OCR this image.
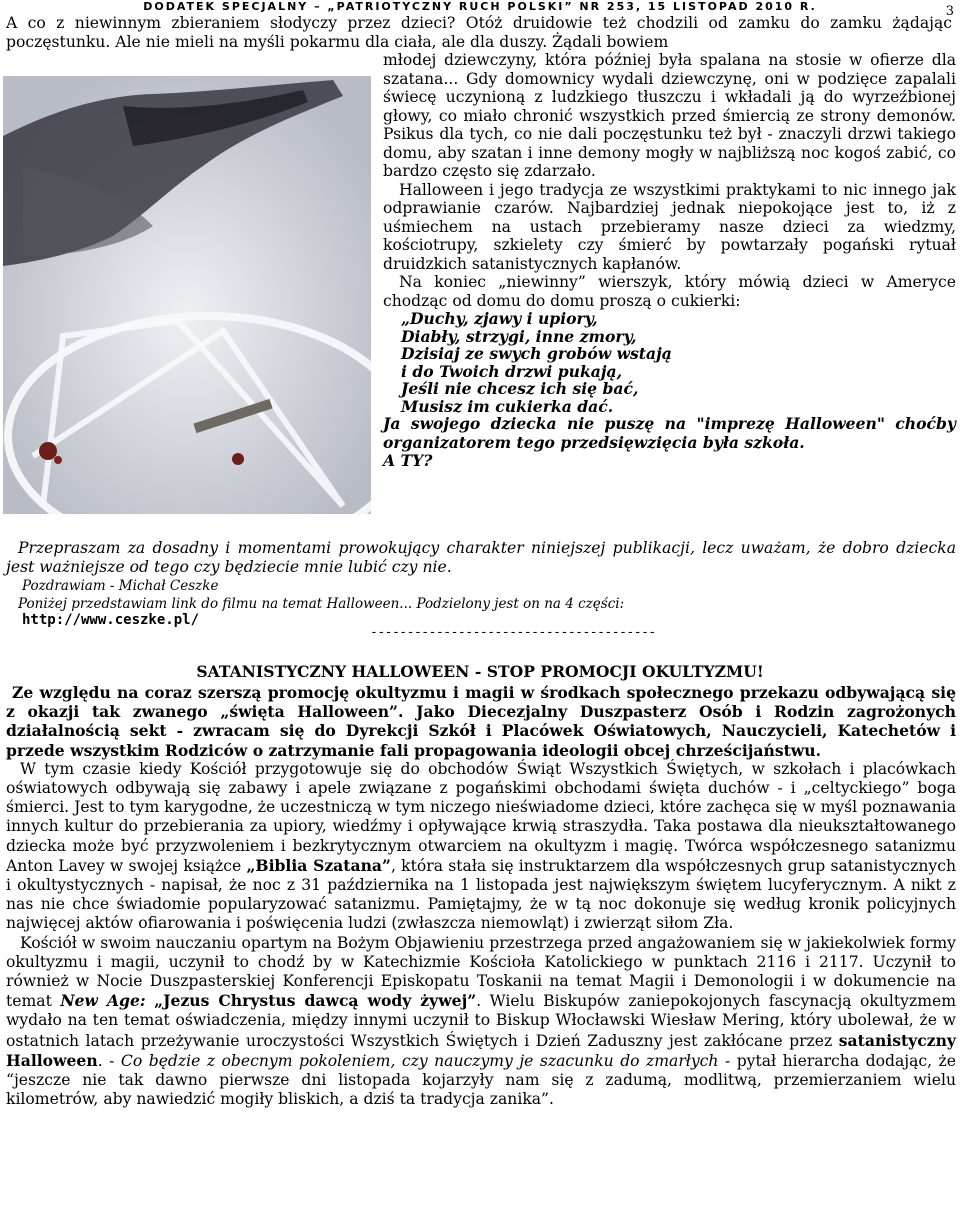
DODATEK SPECJALNY – „PATRIOTYCZNY RUCH POLSKI” NR 253, 15 LISTOPAD 2010 R.	3
A co z niewinnym zbieraniem słodyczy przez dzieci? Otóż druidowie też chodzili od zamku do zamku żądając poczęstunku. Ale nie mieli na myśli pokarmu dla ciała, ale dla duszy. Żądali bowiem

młodej dziewczyny, która później była spalana na stosie w ofierze dla szatana... Gdy domownicy wydali dziewczynę, oni w podzięce zapalali świecę uczynioną z ludzkiego tłuszczu i wkładali ją do wyrzeźbionej głowy, co miało chronić wszystkich przed śmiercią ze strony demonów. Psikus dla tych, co nie dali poczęstunku też był - znaczyli drzwi takiego domu, aby szatan i inne demony mogły w najbliższą noc kogoś zabić, co bardzo często się zdarzało.

Halloween i jego tradycja ze wszystkimi praktykami to nic innego jak odprawianie czarów. Najbardziej jednak niepokojące jest to, iż z uśmiechem na ustach przebieramy nasze dzieci za wiedzmy, kościotrupy, szkielety czy śmierć by powtarzały pogański rytuał druidzkich satanistycznych kapłanów.

Na koniec „niewinny” wierszyk, który mówią dzieci w Ameryce chodząc od domu do domu proszą o cukierki:

„Duchy, zjawy i upiory,
Diabły, strzygi, inne zmory,
Dzisiaj ze swych grobów wstają
i do Twoich drzwi pukają,
Jeśli nie chcesz ich się bać,
Musisz im cukierka dać.

Ja swojego dziecka nie puszę na "imprezę Halloween" choćby organizatorem tego przedsięwzięcia była szkoła.

A TY?

Przepraszam za dosadny i momentami prowokujący charakter niniejszej publikacji, lecz uważam, że dobro dziecka jest ważniejsze od tego czy będziecie mnie lubić czy nie.
Pozdrawiam - Michał Ceszke
Poniżej przedstawiam link do filmu na temat Halloween... Podzielony jest on na 4 części:
http://www.ceszke.pl/
---------------------------------------
SATANISTYCZNY HALLOWEEN - STOP PROMOCJI OKULTYZMU!

Ze względu na coraz szerszą promocję okultyzmu i magii w środkach społecznego przekazu odbywającą się z okazji tak zwanego „święta Halloween”. Jako Diecezjalny Duszpasterz Osób i Rodzin zagrożonych działalnością sekt - zwracam się do Dyrekcji Szkół i Placówek Oświatowych, Nauczycieli, Katechetów i przede wszystkim Rodziców o zatrzymanie fali propagowania ideologii obcej chrześcijaństwu.

W tym czasie kiedy Kościół przygotowuje się do obchodów Świąt Wszystkich Świętych, w szkołach i placówkach oświatowych odbywają się zabawy i apele związane z pogańskimi obchodami święta duchów - i „celtyckiego” boga śmierci. Jest to tym karygodne, że uczestniczą w tym niczego nieświadome dzieci, które zachęca się w myśl poznawania innych kultur do przebierania za upiory, wiedźmy i opływające krwią straszydła. Taka postawa dla nieukształtowanego dziecka może być przyzwoleniem i bezkrytycznym otwarciem na okultyzm i magię. Twórca współczesnego satanizmu Anton Lavey w swojej książce „Biblia Szatana”, która stała się instruktarzem dla współczesnych grup satanistycznych i okultystycznych - napisał, że noc z 31 października na 1 listopada jest największym świętem lucyferycznym. A nikt z nas nie chce świadomie popularyzować satanizmu. Pamiętajmy, że w tą noc dokonuje się według kronik policyjnych najwięcej aktów ofiarowania i poświęcenia ludzi (zwłaszcza niemowląt) i zwierząt siłom Zła.

Kościół w swoim nauczaniu opartym na Bożym Objawieniu przestrzega przed angażowaniem się w jakiekolwiek formy okultyzmu i magii, uczynił to chodź by w Katechizmie Kościoła Katolickiego w punktach 2116 i 2117. Uczynił to również w Nocie Duszpasterskiej Konferencji Episkopatu Toskanii na temat Magii i Demonologii i w dokumencie na temat New Age: „Jezus Chrystus dawcą wody żywej”. Wielu Biskupów zaniepokojonych fascynacją okultyzmem wydało na ten temat oświadczenia, między innymi uczynił to Biskup Włocławski Wiesław Mering, który ubolewał, że w ostatnich latach przeżywanie uroczystości Wszystkich Świętych i Dzień Zaduszny jest zakłócane przez satanistyczny Halloween. - Co będzie z obecnym pokoleniem, czy nauczymy je szacunku do zmarłych - pytał hierarcha dodając, że “jeszcze nie tak dawno pierwsze dni listopada kojarzyły nam się z zadumą, modlitwą, przemierzaniem wielu kilometrów, aby nawiedzić mogiły bliskich, a dziś ta tradycja zanika”.
